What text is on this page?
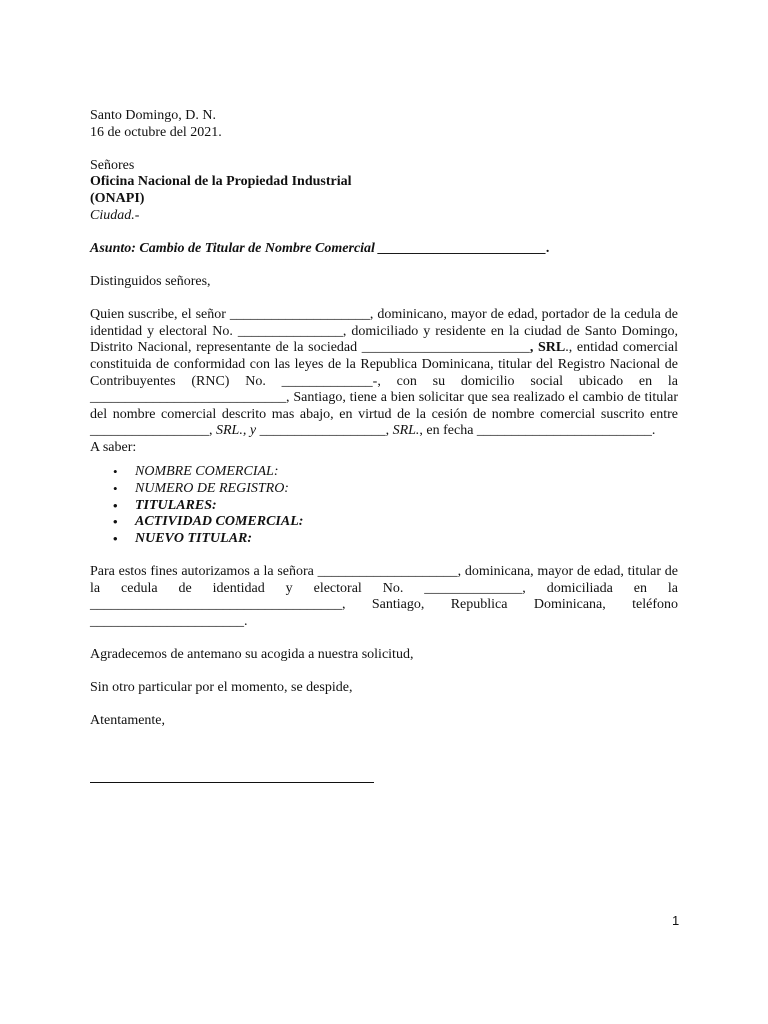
Santo Domingo, D. N.

16 de octubre del 2021.

Señores

Oficina Nacional de la Propiedad Industrial

(ONAPI)

Ciudad.-

Asunto: Cambio de Titular de Nombre Comercial ________________________.

Distinguidos señores,

Quien suscribe, el señor ____________________, dominicano, mayor de edad, portador de la cedula de

identidad y electoral No. _______________, domiciliado y residente en la ciudad de Santo Domingo,

Distrito Nacional, representante de la sociedad ________________________, SRL., entidad comercial

constituida de conformidad con las leyes de la Republica Dominicana, titular del Registro Nacional de

Contribuyentes (RNC) No. _____________-, con su domicilio social ubicado en la

____________________________, Santiago, tiene a bien solicitar que sea realizado el cambio de titular

del nombre comercial descrito mas abajo, en virtud de la cesión de nombre comercial suscrito entre

_________________, SRL., y __________________, SRL., en fecha _________________________.

A saber:

• NOMBRE COMERCIAL:
• NUMERO DE REGISTRO:
• TITULARES:
• ACTIVIDAD COMERCIAL:
• NUEVO TITULAR:

Para estos fines autorizamos a la señora ____________________, dominicana, mayor de edad, titular de

la cedula de identidad y electoral No. ______________, domiciliada en la

____________________________________, Santiago, Republica Dominicana, teléfono

______________________.

Agradecemos de antemano su acogida a nuestra solicitud,

Sin otro particular por el momento, se despide,

Atentamente,

1
